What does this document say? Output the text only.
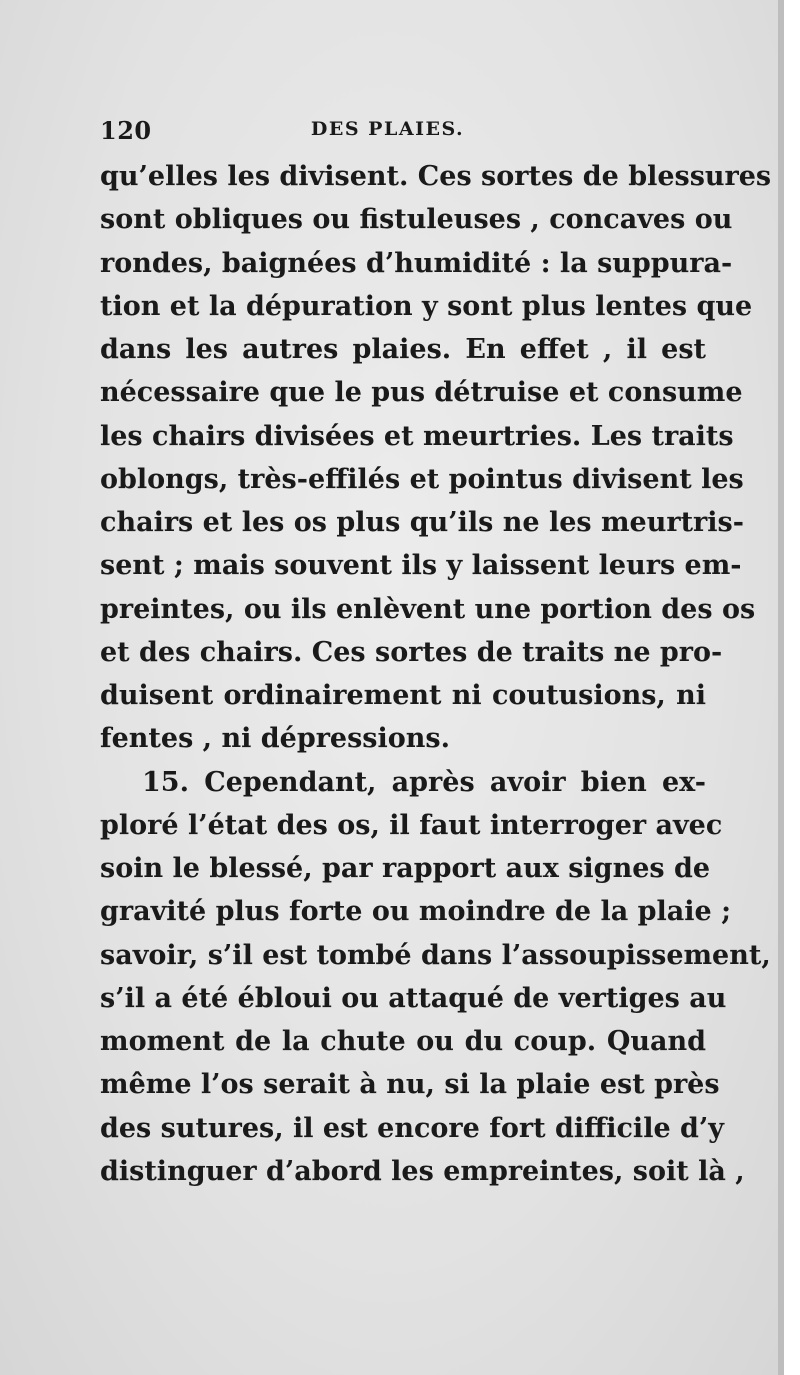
120	DES PLAIES.
qu’elles les divisent. Ces sortes de blessures
sont obliques ou fistuleuses , concaves ou
rondes, baignées d’humidité : la suppura-
tion et la dépuration y sont plus lentes que
dans les autres plaies. En effet , il est
nécessaire que le pus détruise et consume
les chairs divisées et meurtries. Les traits
oblongs, très-effilés et pointus divisent les
chairs et les os plus qu’ils ne les meurtris-
sent ; mais souvent ils y laissent leurs em-
preintes, ou ils enlèvent une portion des os
et des chairs. Ces sortes de traits ne pro-
duisent ordinairement ni coutusions, ni
fentes , ni dépressions.
15. Cependant, après avoir bien ex-
ploré l’état des os, il faut interroger avec
soin le blessé, par rapport aux signes de
gravité plus forte ou moindre de la plaie ;
savoir, s’il est tombé dans l’assoupissement,
s’il a été ébloui ou attaqué de vertiges au
moment de la chute ou du coup. Quand
même l’os serait à nu, si la plaie est près
des sutures, il est encore fort difficile d’y
distinguer d’abord les empreintes, soit là ,
